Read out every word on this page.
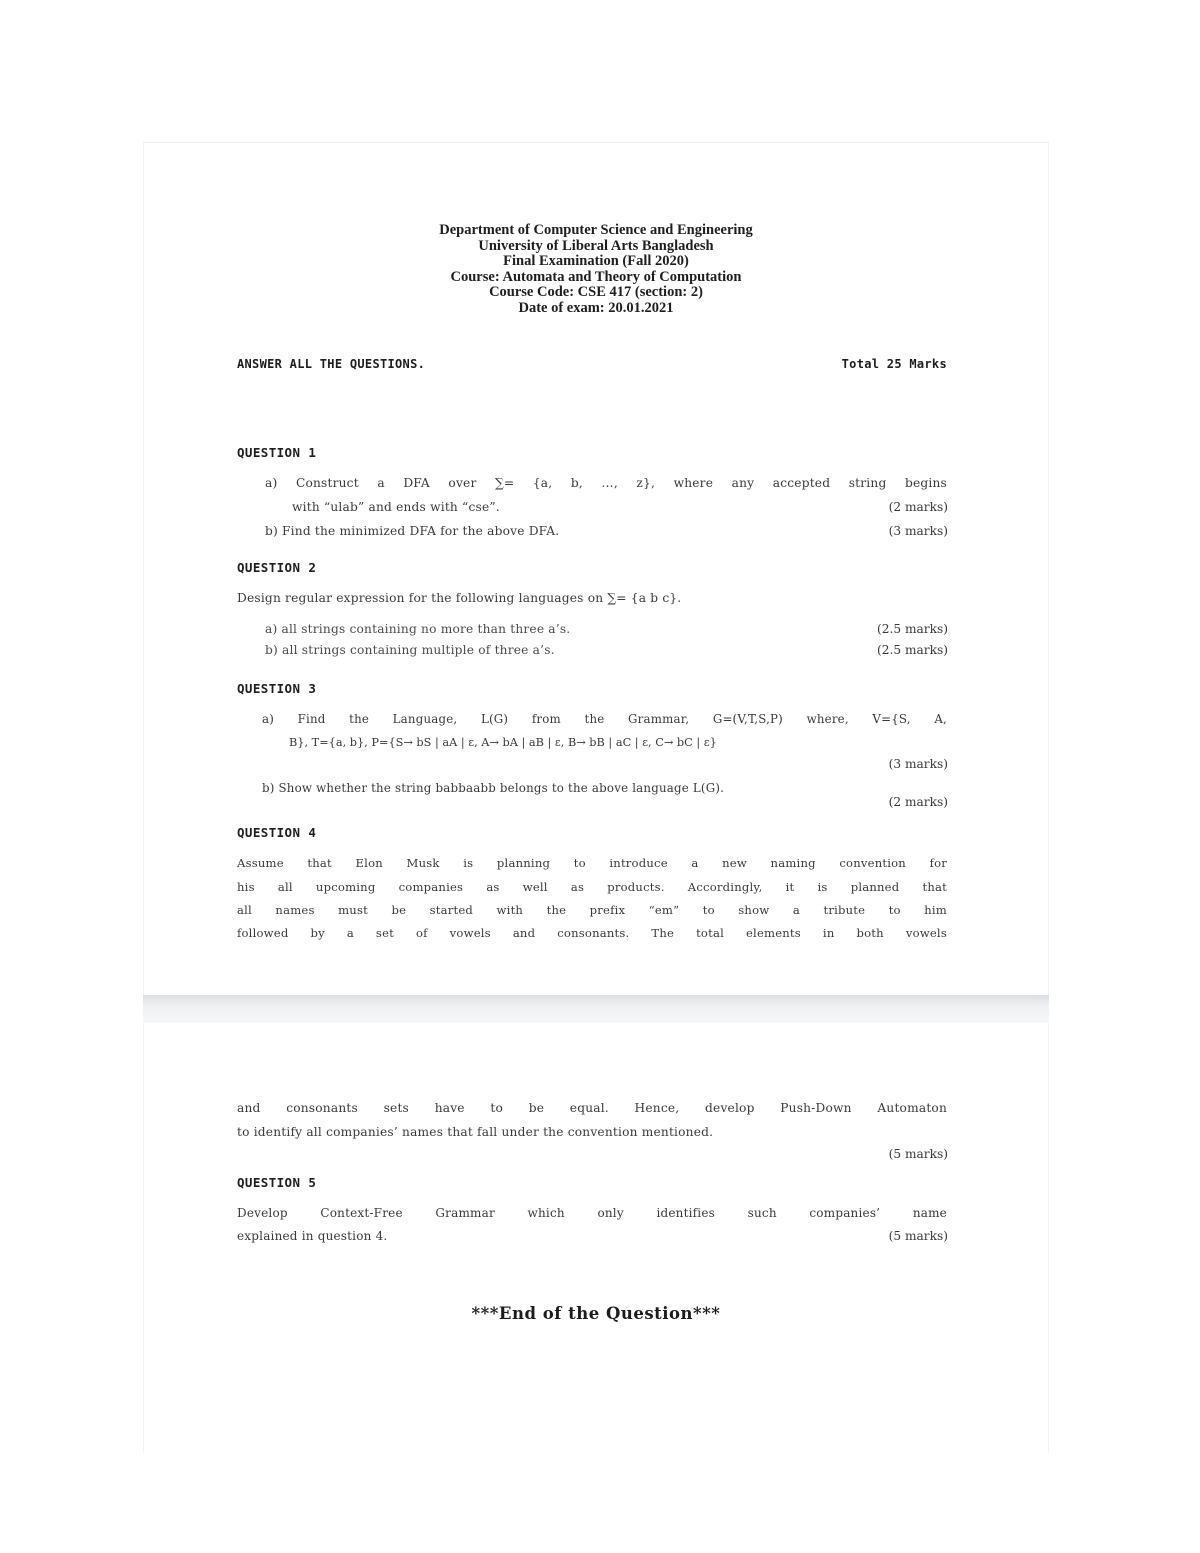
Department of Computer Science and Engineering
University of Liberal Arts Bangladesh
Final Examination (Fall 2020)
Course: Automata and Theory of Computation
Course Code: CSE 417 (section: 2)
Date of exam: 20.01.2021
ANSWER ALL THE QUESTIONS.	Total 25 Marks
QUESTION 1
a) Construct a DFA over ∑= {a, b, …, z}, where any accepted string begins
with “ulab” and ends with “cse”.	(2 marks)
b) Find the minimized DFA for the above DFA.	(3 marks)
QUESTION 2
Design regular expression for the following languages on ∑= {a b c}.
a) all strings containing no more than three a’s.	(2.5 marks)
b) all strings containing multiple of three a’s.	(2.5 marks)
QUESTION 3
a) Find the Language, L(G) from the Grammar, G=(V,T,S,P) where, V={S, A,
B}, T={a, b}, P={S→ bS | aA | ε, A→ bA | aB | ε, B→ bB | aC | ε, C→ bC | ε}
(3 marks)
b) Show whether the string babbaabb belongs to the above language L(G).
(2 marks)
QUESTION 4
Assume that Elon Musk is planning to introduce a new naming convention for
his all upcoming companies as well as products. Accordingly, it is planned that
all names must be started with the prefix “em” to show a tribute to him
followed by a set of vowels and consonants. The total elements in both vowels
and consonants sets have to be equal. Hence, develop Push-Down Automaton
to identify all companies’ names that fall under the convention mentioned.
(5 marks)
QUESTION 5
Develop Context-Free Grammar which only identifies such companies’ name
explained in question 4.	(5 marks)
***End of the Question***
